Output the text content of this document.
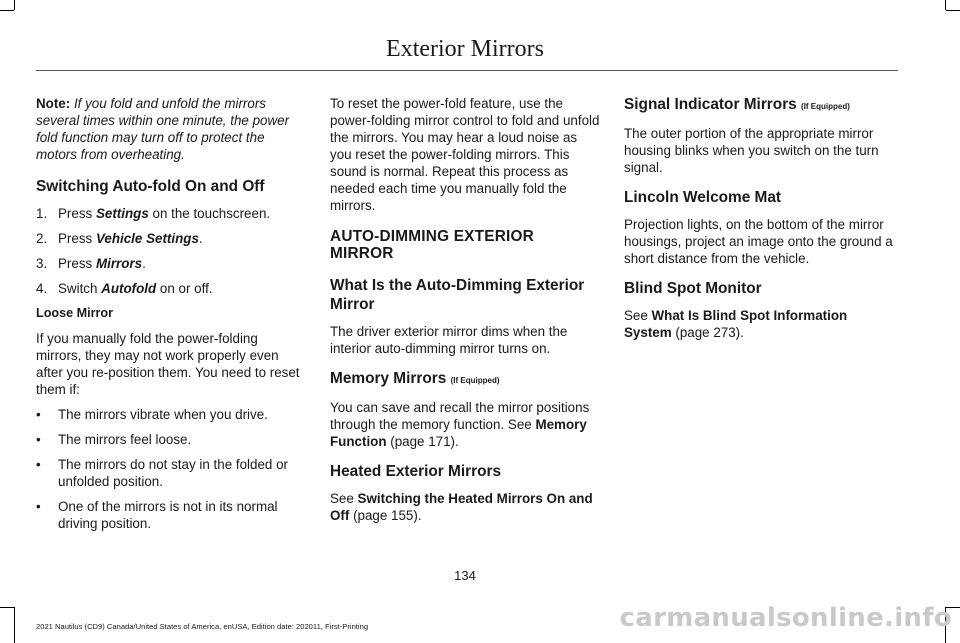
Exterior Mirrors

Note: If you fold and unfold the mirrors several times within one minute, the power fold function may turn off to protect the motors from overheating.

Switching Auto-fold On and Off
1. Press Settings on the touchscreen.
2. Press Vehicle Settings.
3. Press Mirrors.
4. Switch Autofold on or off.
Loose Mirror

If you manually fold the power-folding mirrors, they may not work properly even after you re-position them. You need to reset them if:

•	The mirrors vibrate when you drive.
•	The mirrors feel loose.
•	The mirrors do not stay in the folded or unfolded position.
•	One of the mirrors is not in its normal driving position.

To reset the power-fold feature, use the power-folding mirror control to fold and unfold the mirrors. You may hear a loud noise as you reset the power-folding mirrors. This sound is normal. Repeat this process as needed each time you manually fold the mirrors.

AUTO-DIMMING EXTERIOR MIRROR
What Is the Auto-Dimming Exterior Mirror

The driver exterior mirror dims when the interior auto-dimming mirror turns on.

Memory Mirrors (If Equipped)

You can save and recall the mirror positions through the memory function. See Memory Function (page 171).

Heated Exterior Mirrors

See Switching the Heated Mirrors On and Off (page 155).

Signal Indicator Mirrors (If Equipped)

The outer portion of the appropriate mirror housing blinks when you switch on the turn signal.

Lincoln Welcome Mat

Projection lights, on the bottom of the mirror housings, project an image onto the ground a short distance from the vehicle.

Blind Spot Monitor

See What Is Blind Spot Information System (page 273).

134
2021 Nautilus (CD9) Canada/United States of America, enUSA, Edition date: 202011, First-Printing	carmanualsonline.info
